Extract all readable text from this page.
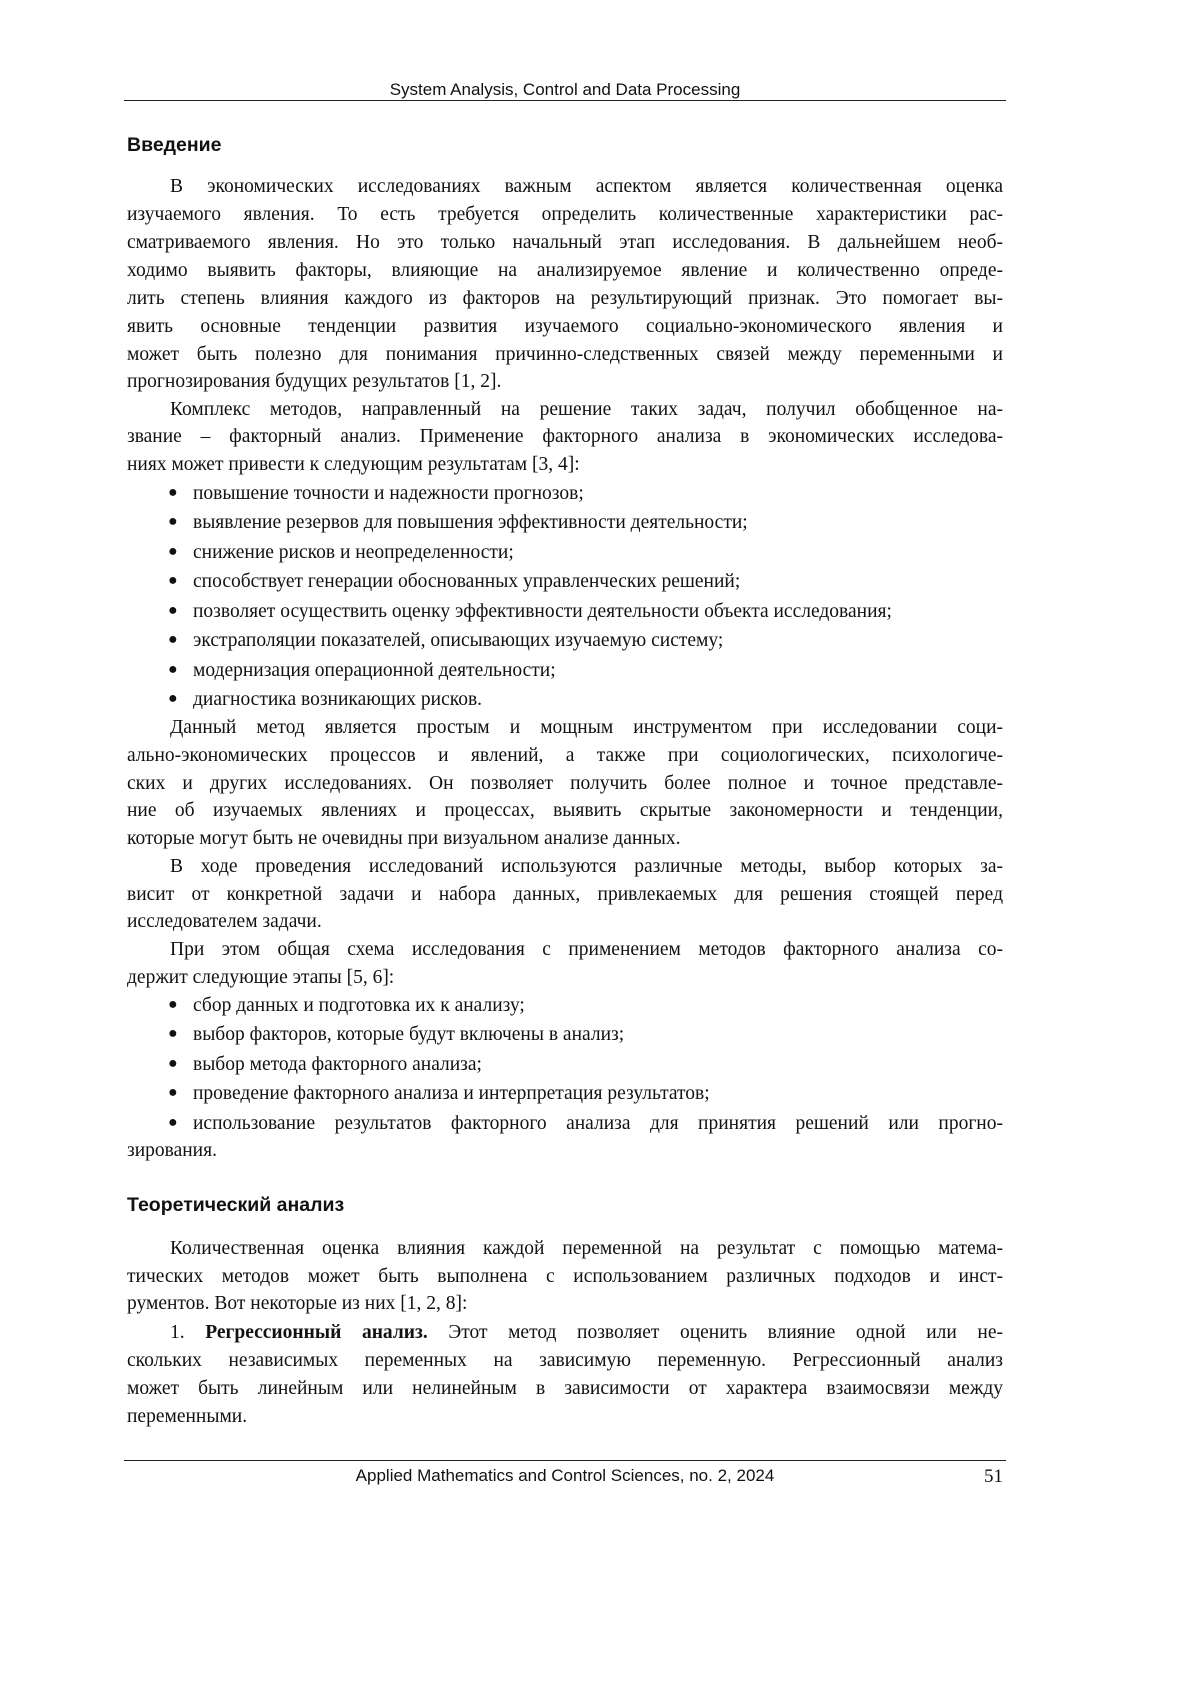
System Analysis, Control and Data Processing
Введение
Теоретический анализ
В экономических исследованиях важным аспектом является количественная оценка
изучаемого явления. То есть требуется определить количественные характеристики рас-
сматриваемого явления. Но это только начальный этап исследования. В дальнейшем необ-
ходимо выявить факторы, влияющие на анализируемое явление и количественно опреде-
лить степень влияния каждого из факторов на результирующий признак. Это помогает вы-
явить основные тенденции развития изучаемого социально-экономического явления и
может быть полезно для понимания причинно-следственных связей между переменными и
прогнозирования будущих результатов [1, 2].
Комплекс методов, направленный на решение таких задач, получил обобщенное на-
звание – факторный анализ. Применение факторного анализа в экономических исследова-
ниях может привести к следующим результатам [3, 4]:
● повышение точности и надежности прогнозов;
● выявление резервов для повышения эффективности деятельности;
● снижение рисков и неопределенности;
● способствует генерации обоснованных управленческих решений;
● позволяет осуществить оценку эффективности деятельности объекта исследования;
● экстраполяции показателей, описывающих изучаемую систему;
● модернизация операционной деятельности;
● диагностика возникающих рисков.
Данный метод является простым и мощным инструментом при исследовании соци-
ально-экономических процессов и явлений, а также при социологических, психологиче-
ских и других исследованиях. Он позволяет получить более полное и точное представле-
ние об изучаемых явлениях и процессах, выявить скрытые закономерности и тенденции,
которые могут быть не очевидны при визуальном анализе данных.
В ходе проведения исследований используются различные методы, выбор которых за-
висит от конкретной задачи и набора данных, привлекаемых для решения стоящей перед
исследователем задачи.
При этом общая схема исследования с применением методов факторного анализа со-
держит следующие этапы [5, 6]:
● сбор данных и подготовка их к анализу;
● выбор факторов, которые будут включены в анализ;
● выбор метода факторного анализа;
● проведение факторного анализа и интерпретация результатов;
● использование результатов факторного анализа для принятия решений или прогно-
зирования.
Количественная оценка влияния каждой переменной на результат с помощью матема-
тических методов может быть выполнена с использованием различных подходов и инст-
рументов. Вот некоторые из них [1, 2, 8]:
1. Регрессионный анализ. Этот метод позволяет оценить влияние одной или не-
скольких независимых переменных на зависимую переменную. Регрессионный анализ
может быть линейным или нелинейным в зависимости от характера взаимосвязи между
переменными.
Applied Mathematics and Control Sciences, no. 2, 2024	51
